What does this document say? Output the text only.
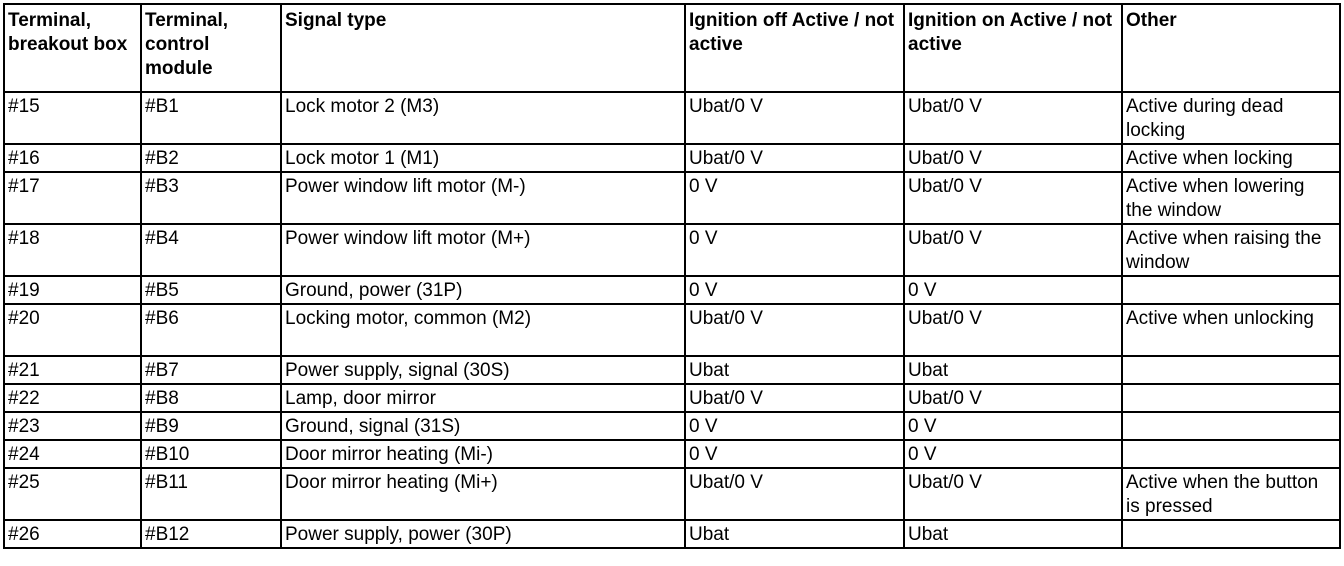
Terminal, breakout box	Terminal, control module	Signal type	Ignition off Active / not active	Ignition on Active / not active	Other
#15	#B1	Lock motor 2 (M3)	Ubat/0 V	Ubat/0 V	Active during dead locking
#16	#B2	Lock motor 1 (M1)	Ubat/0 V	Ubat/0 V	Active when locking
#17	#B3	Power window lift motor (M-)	0 V	Ubat/0 V	Active when lowering the window
#18	#B4	Power window lift motor (M+)	0 V	Ubat/0 V	Active when raising the window
#19	#B5	Ground, power (31P)	0 V	0 V	
#20	#B6	Locking motor, common (M2)	Ubat/0 V	Ubat/0 V	Active when unlocking
#21	#B7	Power supply, signal (30S)	Ubat	Ubat	
#22	#B8	Lamp, door mirror	Ubat/0 V	Ubat/0 V	
#23	#B9	Ground, signal (31S)	0 V	0 V	
#24	#B10	Door mirror heating (Mi-)	0 V	0 V	
#25	#B11	Door mirror heating (Mi+)	Ubat/0 V	Ubat/0 V	Active when the button is pressed
#26	#B12	Power supply, power (30P)	Ubat	Ubat	
